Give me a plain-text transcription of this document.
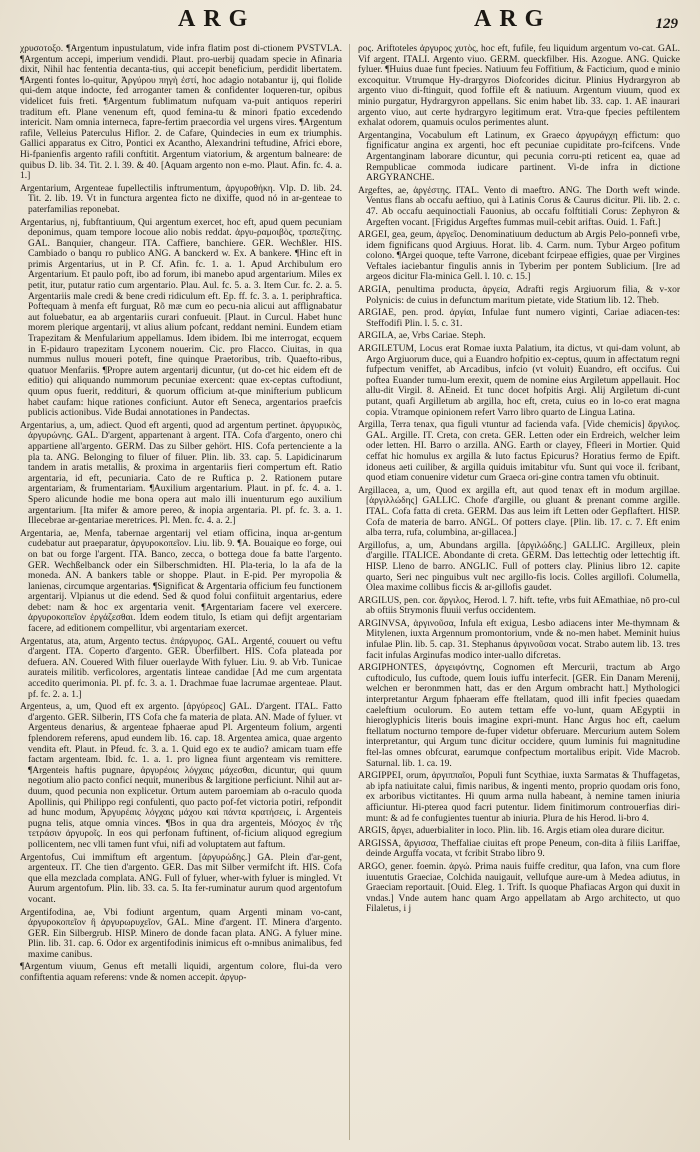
ARG	ARG	129

χρυσοτοξο. ¶Argentum inpustulatum, vide infra flatim post di-ctionem PVSTVLA. ¶Argentum accepi, imperium vendidi. Plaut. pro-uerbij quadam specie in Afinaria dixit, Nihil hac fententia decanta-tius, qui accepit beneficium, perdidit libertatem. ¶Argenti fontes lo-quitur, Ἀργύρου πηγὴ ἐστί, hoc adagio notabantur ij, qui flolide qui-dem atque indocte, fed arroganter tamen & confidenter loqueren-tur, opibus videlicet fuis freti. ¶Argentum fublimatum nufquam va-puit antiquos reperiri traditum eft. Plane venenum eft, quod femina-tu & minori fpatio excedendo intericit. Nam omnia interneca, fapre-fertim praecordia vel urgens vires. ¶Argentum rafile, Velleius Paterculus Hiflor. 2. de Cafare, Quindecies in eum ex triumphis. Gallici apparatus ex Citro, Pontici ex Acantho, Alexandrini teftudine, Africi ebore, Hi-fpanienfis argento rafili conftitit. Argentum viatorium, & argentum balneare: de quibus D. lib. 34. Tit. 2. l. 39. & 40. [Aquam argento non e-mo. Plaut. Afin. fc. 4. a. 1.]

Argentarium, Argenteae fupellectilis inftrumentum, ἀργυροθήκη. Vlp. D. lib. 24. Tit. 2. lib. 19. Vt in functura argentea ficto ne dixiffe, quod nó in ar-genteae to paterfamilias reponebat.

Argentarius, nj, fubftantiuum, Qui argentum exercet, hoc eft, apud quem pecuniam deponimus, quam tempore locoue alio nobis reddat. ἀργυ-ραμοιβὸς, τραπεζίτης. GAL. Banquier, changeur. ITA. Caffiere, banchiere. GER. Wechßler. HIS. Cambiado o banqu ro publico ANG. A banckerd w. Ex. A bankere. ¶Hinc eft in primis Argentarius, ut in P. Cf. Afin. fc. 1. a. 1. Apud Archibulum ero Argentarium. Et paulo poft, ibo ad forum, ibi manebo apud argentarium. Miles ex petit, itur, putatur ratio cum argentario. Plau. Aul. fc. 5. a. 3. Item Cur. fc. 2. a. 5. Argentariis male credi & bene credi ridiculum eft. Ep. ff. fc. 3. a. 1. periphraftica. Poftequam à menfa eft furguat, Rõ mæ cum eo pecu-nia alicui aut afflignabatur aut foluebatur, ea ab argentariis curari confueuit. [Plaut. in Curcul. Habet hunc morem plerique argentarij, vt alius alium pofcant, reddant nemini. Eundem etiam Trapezitam & Menfularium appellamus. Idem ibidem. Ibi me interrogat, ecquem in E-pidauro trapezitam Lyconem nouerim. Cic. pro Flacco. Ciuitas, in qua nummus nullus moueri poteft, fine quinque Praetoribus, trib. Quaefto-ribus, quatuor Menfariis. ¶Propre autem argentarij dicuntur, (ut do-cet hic eidem eft de editio) qui aliquando nummorum pecuniae exercent: quae ex-ceptas cuftodiunt, quum opus fuerit, reddituri, & quorum officium at-que minifterium publicum habet caufam: hique rationes conficiunt. Autor eft Seneca, argentarios praefcis publicis actionibus. Vide Budai annotationes in Pandectas.

Argentarius, a, um, adiect. Quod eft argenti, quod ad argentum pertinet. ἀργυρικὸς, ἀργυρώνης. GAL. D'argent, appartenant à argent. ITA. Cofa d'argento, onero chi appartiene all'argento. GERM. Das zu Silber gehört. HIS. Cofa pertenciente a la pla ta. ANG. Belonging to filuer of filuer. Plin. lib. 33. cap. 5. Lapidicinarum tandem in aratis metallis, & proxima in argentariis fieri compertum eft. Ratio argentaria, id eft, pecuniaria. Cato de re Ruftica p. 2. Rationem putare argentariam, & frumentariam. ¶Auxilium argentarium. Plaut. in pf. fc. 4. a. 1. Spero alicunde hodie me bona opera aut malo illi inuenturum ego auxilium argentarium. [Ita mifer & amore pereo, & inopia argentaria. Pl. pf. fc. 3. a. 1. Illecebrae ar-gentariae meretrices. Pl. Men. fc. 4. a. 2.]

Argentaria, ae, Menfa, tabernae argentarij vel etiam officina, inqua ar-gentum cudebatur aut praeparatur, ἀργυροκοπεῖον. Liu. lib. 9. ¶A. Bouaique eo forge, oui on bat ou forge l'argent. ITA. Banco, zecca, o bottega doue fa batte l'argento. GER. Wechßelbanck oder ein Silberschmidten. HI. Pla-teria, lo la afa de la moneda. AN. A bankers table or shoppe. Plaut. in E-pid. Per myropolia & lanienas, circumque argentarias. ¶Significat & Argentaria officium feu functionem argentarij. Vlpianus ut die edend. Sed & quod folui confiituit argentarius, edere debet: nam & hoc ex argentaria venit. ¶Argentariam facere vel exercere. ἀργυροκοπεῖον ἐργάζεσθαι. Idem eodem titulo, Is etiam qui defijt argentariam facere, ad editionem compellitur, vbi argentariam exercet.

Argentatus, ata, atum, Argento tectus. ἐπάργυρος. GAL. Argenté, couuert ou veftu d'argent. ITA. Coperto d'argento. GER. Überfilbert. HIS. Cofa plateada por defuera. AN. Couered With filuer ouerlayde With fyluer. Liu. 9. ab Vrb. Tunicae aurateis militib. verficolores, argentatis linteae candidae [Ad me cum argentata accedito querimonia. Pl. pf. fc. 3. a. 1. Drachmae fuae lacrumae argenteae. Plaut. pf. fc. 2. a. 1.]

Argenteus, a, um, Quod eft ex argento. [ἀργύρεος] GAL. D'argent. ITAL. Fatto d'argento. GER. Silberin, ITS Cofa che fa materia de plata. AN. Made of fyluer. vt Argenteus denarius, & argenteae fphaerae apud Pl. Argenteum folium, argenti fplendorem referens, apud eundem lib. 16. cap. 18. Argentea amica, quae argento vendita eft. Plaut. in Pfeud. fc. 3. a. 1. Quid ego ex te audio? amicam tuam effe factam argenteam. Ibid. fc. 1. a. 1. pro lignea fiunt argenteam vis remittere. ¶Argenteis haftis pugnare, ἀργυρέοις λόγχαις μάχεσθαι, dicuntur, qui quum negotium alio pacto conficí nequit, muneribus & largitione perficiunt. Nihil aut ar-duum, quod pecunia non explicetur. Ortum autem paroemiam ab o-raculo quoda Apollinis, qui Philippo regi confulenti, quo pacto pof-fet victoria potiri, refpondit ad hunc modum, Ἀργυρέαις λόγχαις μάχου καὶ πάντα κρατήσεις, i. Argenteis pugna telis, atque omnia vinces. ¶Bos in qua dra argenteis, Μόσχος ἐν τῆς τετράσιν ἀργυροῖς. In eos qui perfonam fuftinent, of-ficium aliquod egregium pollicentem, nec vlli tamen funt vfui, nifi ad voluptatem aut faftum.

Argentofus, Cui immiftum eft argentum. [ἀργυρώδης.] GA. Plein d'ar-gent, argenteux. IT. Che tien d'argento. GER. Das mit Silber vermifcht ift. HIS. Cofa que ella mezclada complata. ANG. Full of fyluer, wher-with fyluer is mingled. Vt Aurum argentofum. Plin. lib. 33. ca. 5. Ita fer-ruminatur aurum quod argentofum vocant.

Argentifodina, ae, Vbi fodiunt argentum, quam Argenti minam vo-cant, ἀργυροκοπεῖον ἢ ἀργυρωρυχεῖον, GAL. Mine d'argent. IT. Minera d'argento. GER. Ein Silbergrub. HISP. Minero de donde facan plata. ANG. A fyluer mine. Plin. lib. 31. cap. 6. Odor ex argentifodinis inimicus eft o-mnibus animalibus, fed maxime canibus.

¶Argentum viuum, Genus eft metalli liquidi, argentum colore, flui-da vero confiftentia aquam referens: vnde & nomen accepit. ἀργυρ-

ρος. Ariftoteles ἀργυρος χυτὸς, hoc eft, fufile, feu liquidum argentum vo-cat. GAL. Vif argent. ITALI. Argento viuo. GERM. queckfilber. His. Azogue. ANG. Quicke fyluer. ¶Huius duae funt fpecies. Natiuum feu Foffitium, & Facticium, quod e minio excoquitur. Vtrumque Hy-drargyros Diofcorides dicitur. Plinius Hydrargyron ab argento viuo di-ftinguit, quod foffile eft & natiuum. Argentum viuum, quod ex minio purgatur, Hydrargyron appellans. Sic enim habet lib. 33. cap. 1. AE inaurari argento viuo, aut certe hydrargyro legitimum erat. Vtra-que fpecies peftilentem exhalat odorem, quamuis oculos perimentes alunt.

Argentangina, Vocabulum eft Latinum, ex Graeco ἀργυράγχη effictum: quo fignificatur angina ex argenti, hoc eft pecuniae cupiditate pro-fcifcens. Vnde Argentanginam laborare dicuntur, qui pecunia corru-pti reticent ea, quae ad Rempublicae commoda iudicare partinent. Vi-de infra in dictione ARGYRANCHE.

Argeftes, ae, ἀργέστης. ITAL. Vento di maeftro. ANG. The Dorth weft winde. Ventus flans ab occafu aeftiuo, qui à Latinis Corus & Caurus dicitur. Pli. lib. 2. c. 47. Ab occafu aequinoctiali Fauonius, ab occafu folftitiali Corus: Zephyron & Argeften vocant. [Frigidus Argeftes fummas muil-cebit ariftas. Ouid. 1. Faft.]

ARGEI, gea, geum, ἀργεῖος. Denominatiuum deductum ab Argis Pelo-ponnefi vrbe, idem fignificans quod Argiuus. Horat. lib. 4. Carm. num. Tybur Argeo pofitum colono. ¶Argei quoque, tefte Varrone, dicebant fcirpeae effigies, quae per Virgines Veftales iaciebantur fingulis annis in Tyberim per pontem Sublicium. [Ire ad argeos dicitur Fla-minica Gell. l. 10. c. 15.]

ARGIA, penultima producta, ἀργεία, Adrafti regis Argiuorum filia, & v-xor Polynicis: de cuius in defunctum maritum pietate, vide Statium lib. 12. Theb.

ARGIAE, pen. prod. ἀργίαι, Infulae funt numero viginti, Cariae adiacen-tes: Steffodifi Plin. l. 5. c. 31.

ARGILA, ae, Vrbs Cariae. Steph.

ARGILETUM, Locus erat Romae iuxta Palatium, ita dictus, vt qui-dam volunt, ab Argo Argiuorum duce, qui a Euandro hofpitio ex-ceptus, quum in affectatum regni fufpectum veniffet, ab Arcadibus, infcio (vt voluit) Euandro, eft occifus. Cui poftea Euander tumu-lum erexit, quem de nomine eius Argiletum appellauit. Hoc allu-dit Virgil. 8. AEneid. Et tunc docet hofpitis Argi. Alij Argiletum di-cunt putant, quafi Argilletum ab argilla, hoc eft, creta, cuius eo in lo-co erat magna copia. Vtramque opinionem refert Varro libro quarto de Lingua Latina.

Argilla, Terra tenax, qua figuli vtuntur ad facienda vafa. [Vide chemicis] ἄργιλος. GAL. Argille. IT. Creta, con creta. GER. Letten oder ein Erdreich, welcher leim oder letten. HI. Barro o arzilla. ANG. Earth or clayey, Ffleeri in Mortier. Quid ceffat hic homulus ex argilla & luto factus Epicurus? Horatius fermo de Epift. idoneus aeti cuiliber, & argilla quiduis imitabitur vfu. Sunt qui voce il. fcribant, quod etiam conuenire videtur cum Graeca ori-gine contra tamen vfu obtinuit.

Argillacea, a, um, Quod ex argilla eft, aut quod tenax eft in modum argillae. [ἀργιλλώδης] GALLIC. Chofe d'argille, ou gluant & prenant comme argille. ITAL. Cofa fatta di creta. GERM. Das aus leim ift Letten oder Gepflaftert. HISP. Cofa de materia de barro. ANGL. Of potters claye. [Plin. lib. 17. c. 7. Eft enim alba terra, rufa, columbina, ar-gillacea.]

Argillofus, a, um, Abundans argilla. [ἀργιλώδης.] GALLIC. Argilleux, plein d'argille. ITALICE. Abondante di creta. GERM. Das lettechtig oder lettechtig ift. HISP. Lleno de barro. ANGLIC. Full of potters clay. Plinius libro 12. capite quarto, Seri nec pinguibus vult nec argillo-fis locis. Colles argillofi. Columella, Olea maxime collibus ficcis & ar-gillofis gaudet.

ARGILUS, pen. cor. ἄργιλος, Herod. l. 7. hift. tefte, vrbs fuit AEmathiae, nō pro-cul ab oftiis Strymonis fluuii verfus occidentem.

ARGINVSA, ἀργινοῦσα, Infula eft exigua, Lesbo adiacens inter Me-thymnam & Mitylenen, iuxta Argennum promontorium, vnde & no-men habet. Meminit huius infulae Plin. lib. 5. cap. 31. Stephanus ἀργινοῦσαι vocat. Strabo autem lib. 13. tres facit infulas Arginufas modico inter-uallo difcretas.

ARGIPHONTES, ἀργειφόντης, Cognomen eft Mercurii, tractum ab Argo cuftodiculo, Ius cuftode, quem Iouis iuffu interfecit. [GER. Ein Danam Merenij, welchen er beronmmen hatt, das er den Argum ombracht hatt.] Mythologici interpretantur Argum fphaeram effe ftellatam, quod illi infit fpecies quaedam caeleftium oculorum. Eo autem tettam effe vo-lunt, quam AEgyptii in hieroglyphicis literis bouis imagine expri-munt. Hanc Argus hoc eft, caelum ftellatum nocturno tempore de-fuper videtur obferuare. Mercurium autem Solem interpretantur, qui Argum tunc dicitur occidere, quum luminis fui magnitudine ftel-las omnes obfcurat, earumque confpectum mortalibus eripit. Vide Macrob. Saturnal. lib. 1. ca. 19.

ARGIPPEI, orum, ἀργιππαῖοι, Populi funt Scythiae, iuxta Sarmatas & Thuffagetas, ab ipfa natiuitate calui, fimis naribus, & ingenti mento, proprio quodam oris fono, ex arboribus victitantes. Hi quum arma nulla habeant, à nemine tamen iniuria afficiuntur. Hi-pterea quod facri putentur. Iidem finitimorum controuerfias diri-munt: & ad fe confugientes tuentur ab iniuria. Plura de his Herod. li-bro 4.

ARGIS, ἄργει, aduerbialiter in loco. Plin. lib. 16. Argis etiam olea durare dicitur.

ARGISSA, ἄργισσα, Theffaliae ciuitas eft prope Peneum, con-dita à filiis Lariffae, deinde Arguffa vocata, vt fcribit Strabo libro 9.

ARGO, gener. foemin. ἀργώ. Prima nauis fuiffe creditur, qua Iafon, vna cum flore iuuentutis Graeciae, Colchida nauigauit, vellufque aure-um à Medea adiutus, in Graeciam reportauit. [Ouid. Eleg. 1. Trift. Is quoque Phafiacas Argon qui duxit in vndas.] Vnde autem hanc quam Argo appellatam ab Argo architecto, ut quo Filaletus, i j
